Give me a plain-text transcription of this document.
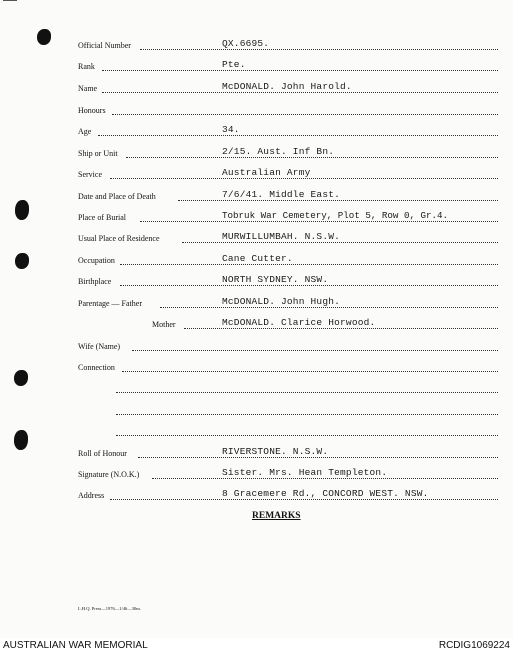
Official Number	QX.6695.
Rank	Pte.
Name	McDONALD. John Harold.
Honours
Age	34.
Ship or Unit	2/15. Aust. Inf Bn.
Service	Australian Army
Date and Place of Death	7/6/41. Middle East.
Place of Burial	Tobruk War Cemetery, Plot 5, Row 0, Gr.4.
Usual Place of Residence	MURWILLUMBAH. N.S.W.
Occupation	Cane Cutter.
Birthplace	NORTH SYDNEY. NSW.
Parentage — Father	McDONALD. John Hugh.
Mother	McDONALD. Clarice Horwood.
Wife (Name)
Connection
Roll of Honour	RIVERSTONE. N.S.W.
Signature (N.O.K.)	Sister. Mrs. Hean Templeton.
Address	8 Gracemere Rd., CONCORD WEST. NSW.
REMARKS
L.H.Q. Press—1976—1/46—30m.
AUSTRALIAN WAR MEMORIAL	RCDIG1069224
